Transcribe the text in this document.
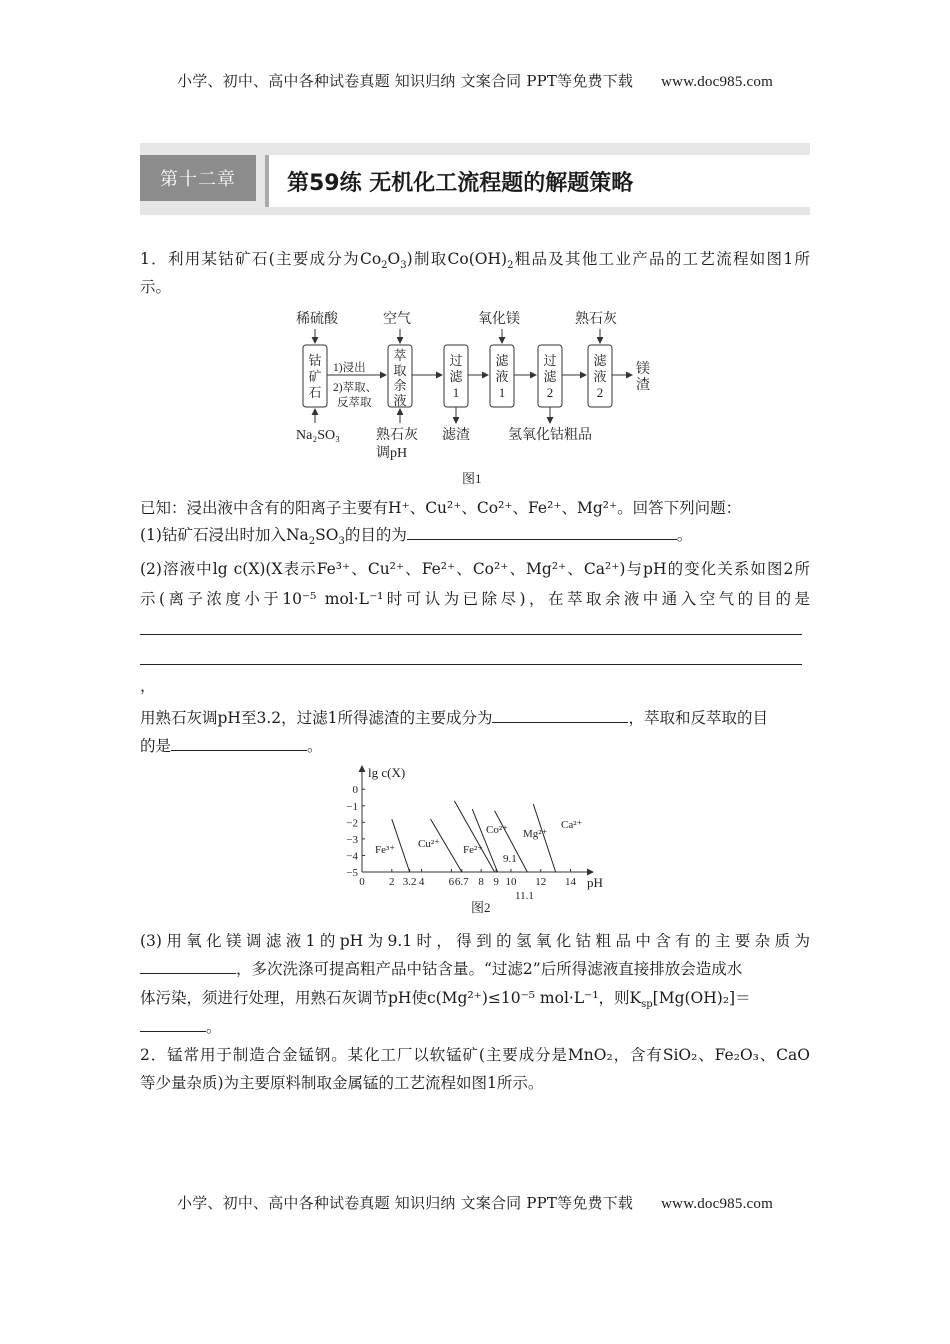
小学、初中、高中各种试卷真题 知识归纳 文案合同 PPT等免费下载 www.doc985.com
第十二章	第59练 无机化工流程题的解题策略
1．利用某钴矿石(主要成分为$Co_2O_3$)制取$Co(OH)_2$粗品及其他工业产品的工艺流程如图1所
示。
稀硫酸	空气	氧化镁	熟石灰
钴
矿
石
萃
取
余
液
过
滤
1
滤
液
1
过
滤
2
滤
液
2
1)浸出
2)萃取、
反萃取
镁
渣
Na₂SO₃	熟石灰
调pH
滤渣	氢氧化钴粗品
图1
已知：浸出液中含有的阳离子主要有H⁺、Cu²⁺、Co²⁺、Fe²⁺、Mg²⁺。回答下列问题：
(1)钴矿石浸出时加入$Na_2SO_3$的目的为	。
(2)溶液中lg c(X)(X表示Fe³⁺、Cu²⁺、Fe²⁺、Co²⁺、Mg²⁺、Ca²⁺)与pH的变化关系如图2所
示(离子浓度小于10⁻⁵ mol·L⁻¹时可认为已除尽)，在萃取余液中通入空气的目的是
，
用熟石灰调pH至3.2，过滤1所得滤渣的主要成分为	，萃取和反萃取的目
的是	。
lg c(X)
pH
0
−1
−2
−3
−4
−5
0 2 3.2 4 6 6.7 8 9 10 12 14
Fe³⁺ Cu²⁺ Fe²⁺
Co²⁺ Mg²⁺
Ca²⁺
9.1
11.1
图2
(3)用氧化镁调滤液1的pH为9.1时，得到的氢氧化钴粗品中含有的主要杂质为
，多次洗涤可提高粗产品中钴含量。“过滤2”后所得滤液直接排放会造成水
体污染，须进行处理，用熟石灰调节pH使c(Mg²⁺)≤10⁻⁵ mol·L⁻¹，则$K_{sp}[Mg(OH)_2]=$
。
2．锰常用于制造合金锰钢。某化工厂以软锰矿(主要成分是MnO₂，含有SiO₂、Fe₂O₃、CaO
等少量杂质)为主要原料制取金属锰的工艺流程如图1所示。
小学、初中、高中各种试卷真题 知识归纳 文案合同 PPT等免费下载 www.doc985.com
